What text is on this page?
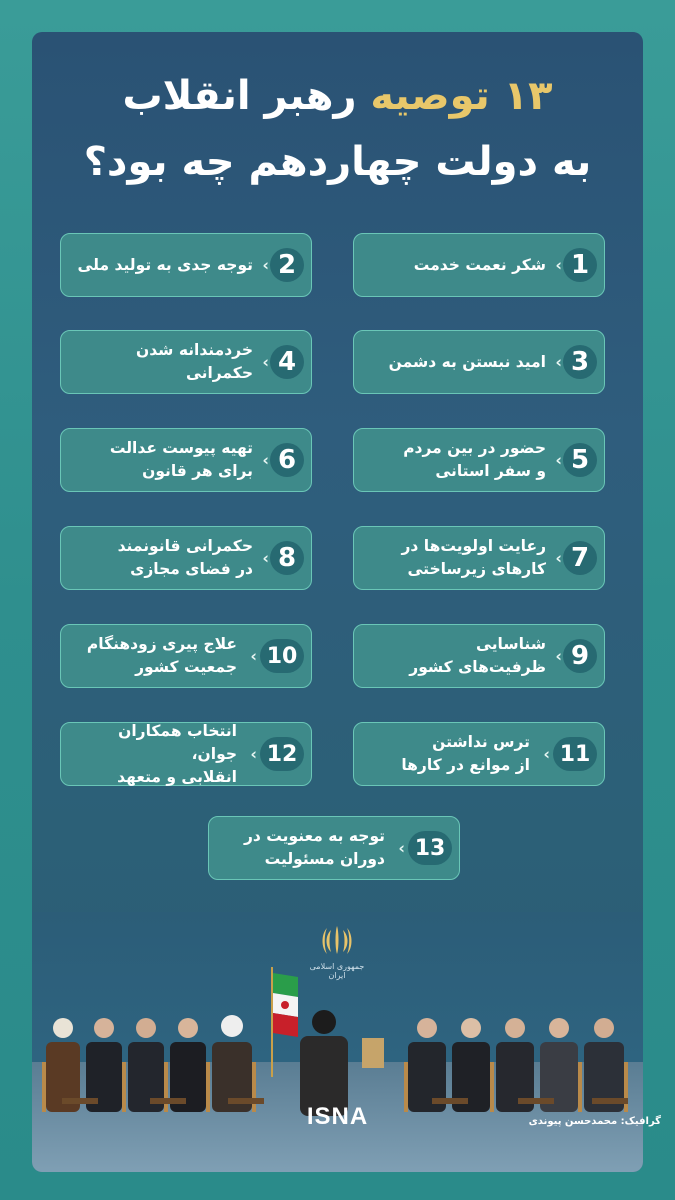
۱۳ توصیه رهبر انقلاب
به دولت چهاردهم چه بود؟
1
‹
شکر نعمت خدمت
2
‹
توجه جدی به تولید ملی
3
‹
امید نبستن به دشمن
4
‹
خردمندانه شدن
حکمرانی
5
‹
حضور در بین مردم
و سفر استانی
6
‹
تهیه پیوست عدالت
برای هر قانون
7
‹
رعایت اولویت‌ها در
کارهای زیرساختی
8
‹
حکمرانی قانونمند
در فضای مجازی
9
‹
شناسایی
ظرفیت‌های کشور
10
‹
علاج پیری زودهنگام
جمعیت کشور
11
‹
ترس نداشتن
از موانع در کارها
12
‹
انتخاب همکاران جوان،
انقلابی و متعهد
13
‹
توجه به معنویت در
دوران مسئولیت
جمهوری اسلامی ایران
ISNA	گرافیک: محمدحسن پیوندی
